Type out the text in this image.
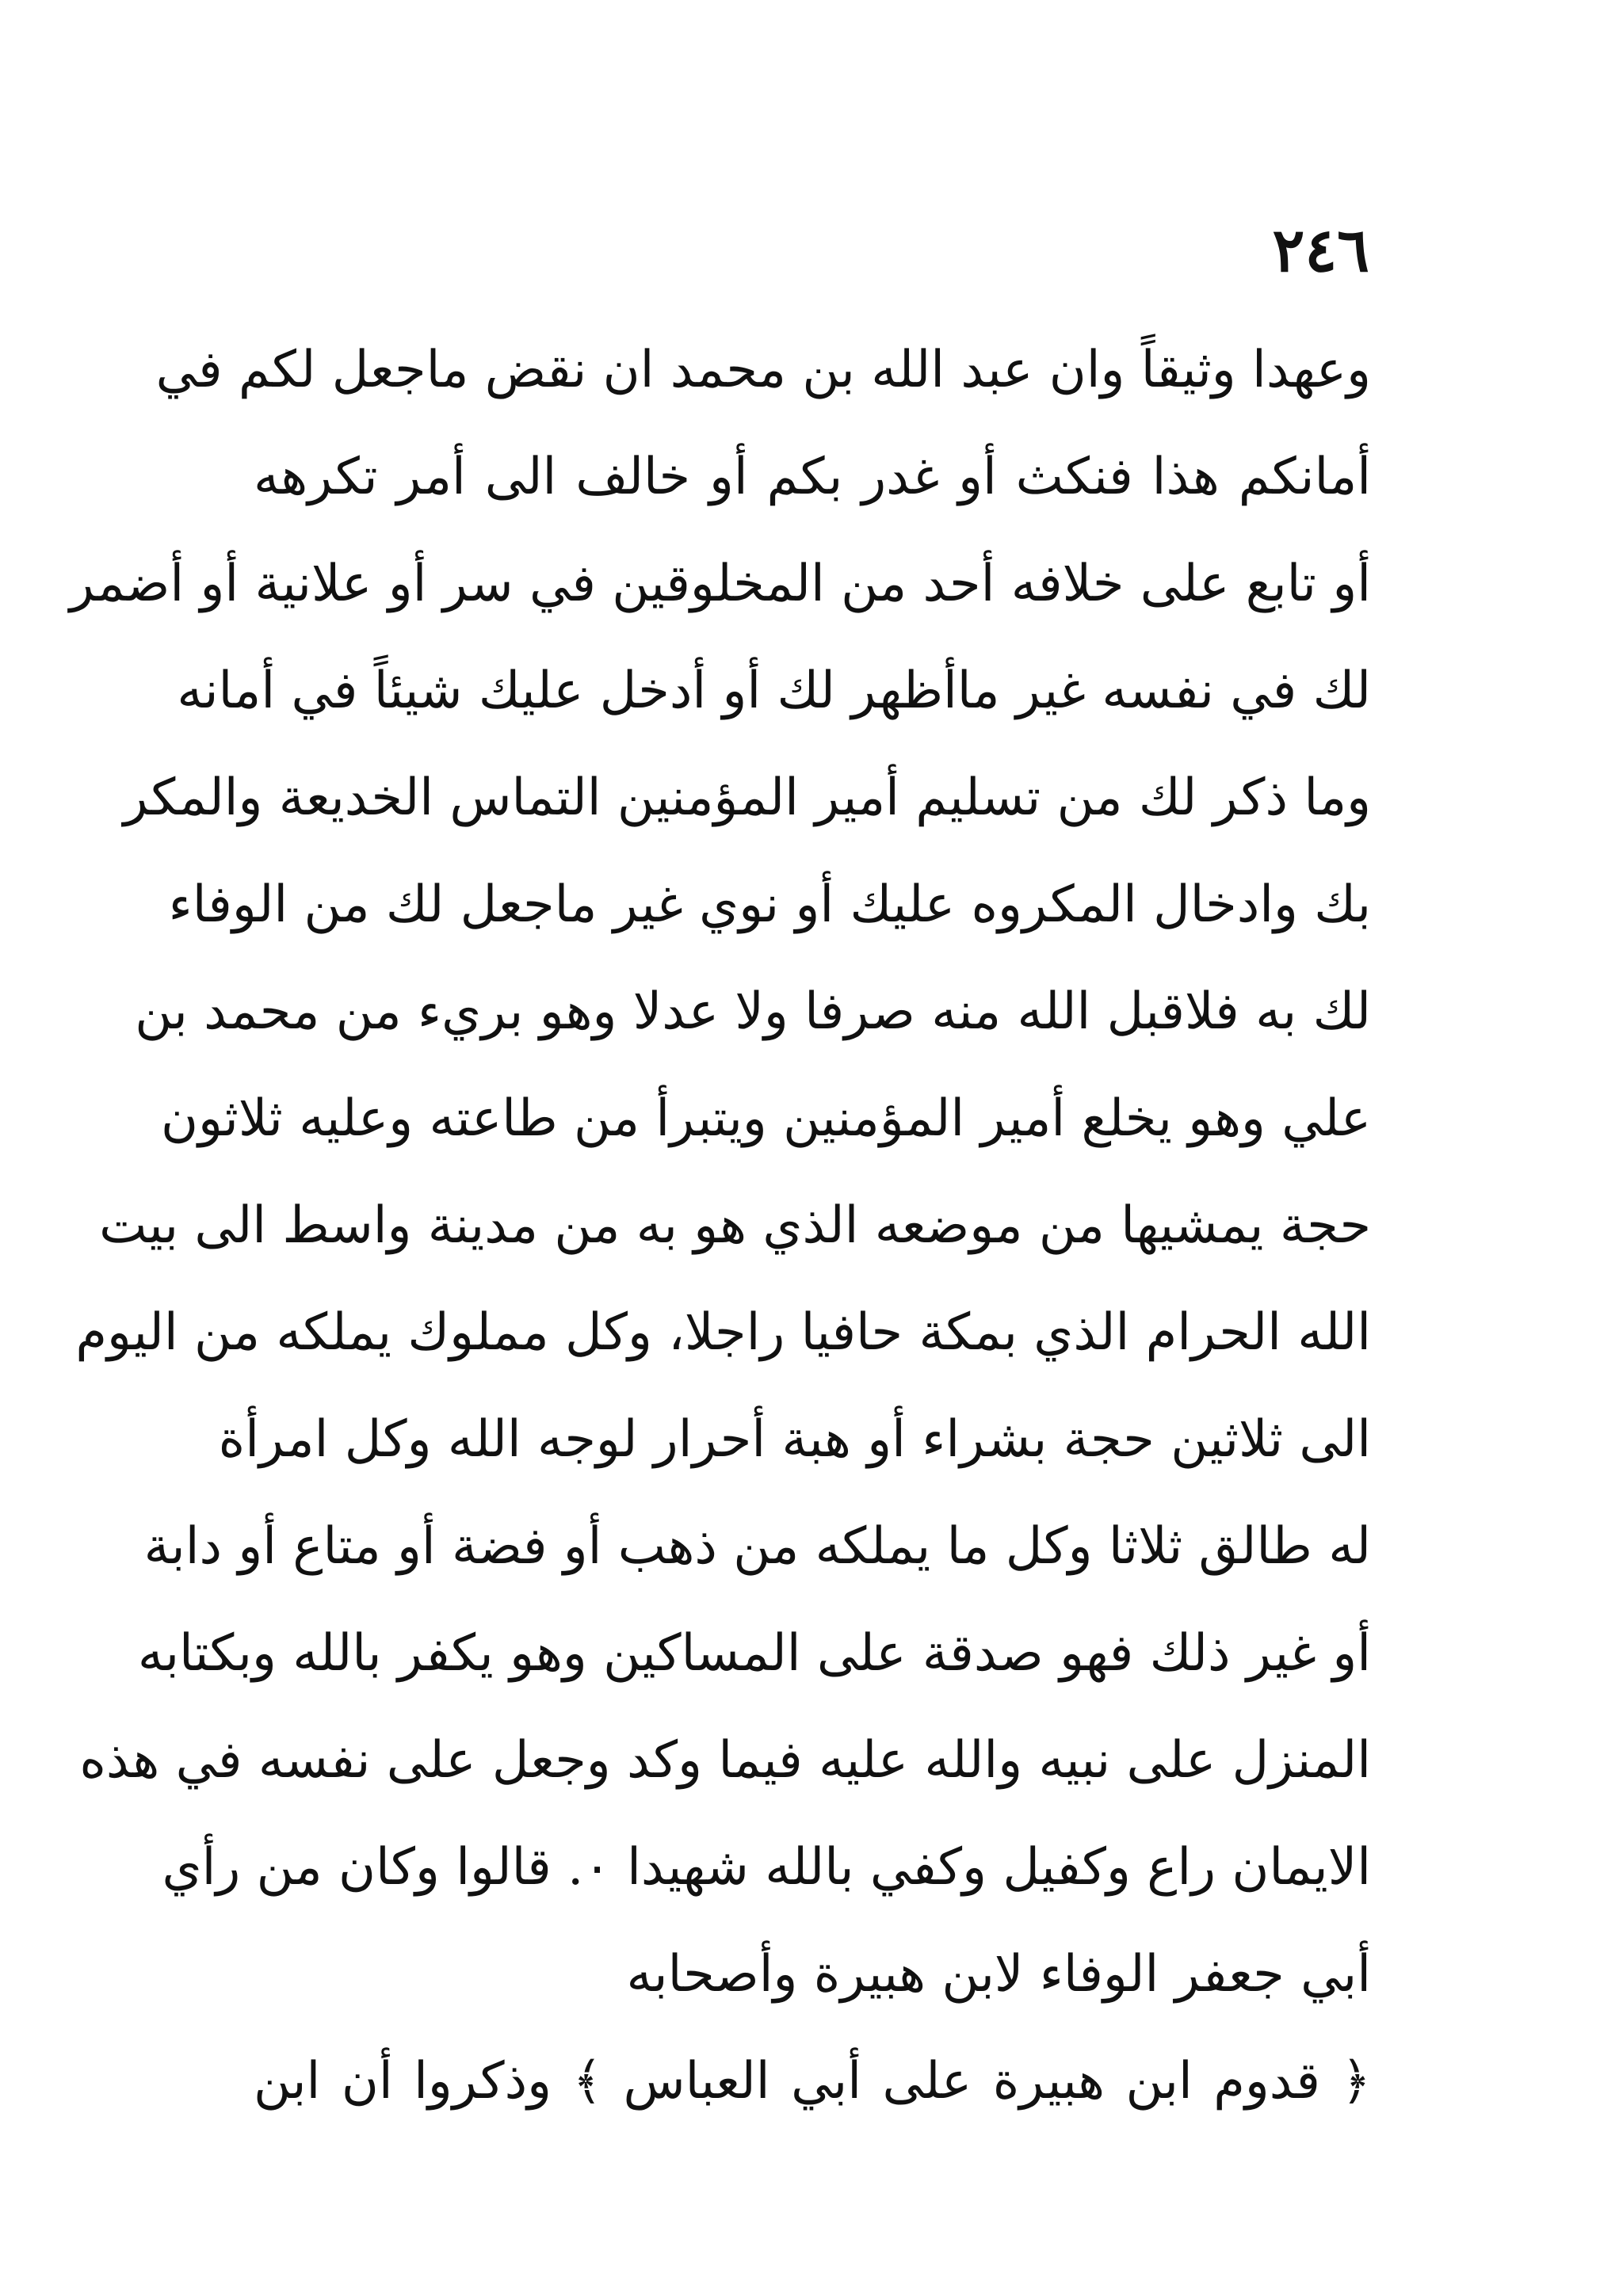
٢٤٦
وعهدا وثيقاً وان عبد الله بن محمد ان نقض ماجعل لكم في
أمانكم هذا فنكث أو غدر بكم أو خالف الى أمر تكرهه
أو تابع على خلافه أحد من المخلوقين في سر أو علانية أو أضمر
لك في نفسه غير ماأظهر لك أو أدخل عليك شيئاً في أمانه
وما ذكر لك من تسليم أمير المؤمنين التماس الخديعة والمكر
بك وادخال المكروه عليك أو نوي غير ماجعل لك من الوفاء
لك به فلاقبل الله منه صرفا ولا عدلا وهو بريء من محمد بن
علي وهو يخلع أمير المؤمنين ويتبرأ من طاعته وعليه ثلاثون
حجة يمشيها من موضعه الذي هو به من مدينة واسط الى بيت
الله الحرام الذي بمكة حافيا راجلا، وكل مملوك يملكه من اليوم
الى ثلاثين حجة بشراء أو هبة أحرار لوجه الله وكل امرأة
له طالق ثلاثا وكل ما يملكه من ذهب أو فضة أو متاع أو دابة
أو غير ذلك فهو صدقة على المساكين وهو يكفر بالله وبكتابه
المنزل على نبيه والله عليه فيما وكد وجعل على نفسه في هذه
الايمان راع وكفيل وكفي بالله شهيدا ٠. قالوا وكان من رأي
أبي جعفر الوفاء لابن هبيرة وأصحابه
﴿ قدوم ابن هبيرة على أبي العباس ﴾ وذكروا أن ابن
